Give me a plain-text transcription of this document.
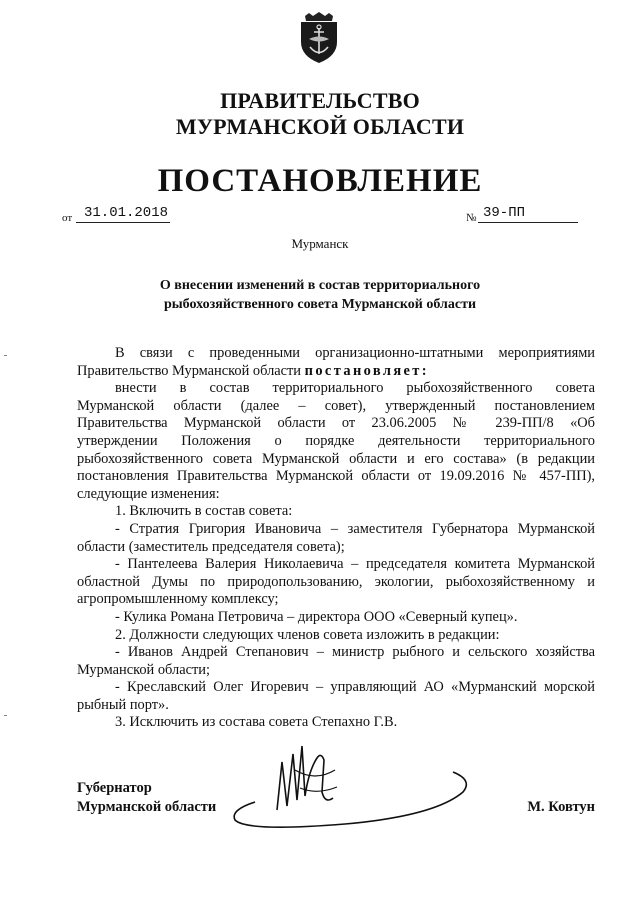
ПРАВИТЕЛЬСТВО
МУРМАНСКОЙ ОБЛАСТИ
ПОСТАНОВЛЕНИЕ
от 31.01.2018	№ 39-ПП
Мурманск
О внесении изменений в состав территориального
рыбохозяйственного совета Мурманской области
В связи с проведенными организационно-штатными мероприятиями
Правительство Мурманской области постановляет:
внести в состав территориального рыбохозяйственного совета
Мурманской области (далее – совет), утвержденный постановлением
Правительства Мурманской области от 23.06.2005 № 239-ПП/8 «Об
утверждении Положения о порядке деятельности территориального
рыбохозяйственного совета Мурманской области и его состава» (в редакции
постановления Правительства Мурманской области от 19.09.2016 № 457-ПП),
следующие изменения:
1. Включить в состав совета:
- Стратия Григория Ивановича – заместителя Губернатора Мурманской
области (заместитель председателя совета);
- Пантелеева Валерия Николаевича – председателя комитета Мурманской
областной Думы по природопользованию, экологии, рыбохозяйственному и
агропромышленному комплексу;
- Кулика Романа Петровича – директора ООО «Северный купец».
2. Должности следующих членов совета изложить в редакции:
- Иванов Андрей Степанович – министр рыбного и сельского хозяйства
Мурманской области;
- Креславский Олег Игоревич – управляющий АО «Мурманский морской
рыбный порт».
3. Исключить из состава совета Степахно Г.В.
Губернатор
Мурманской области	М. Ковтун
